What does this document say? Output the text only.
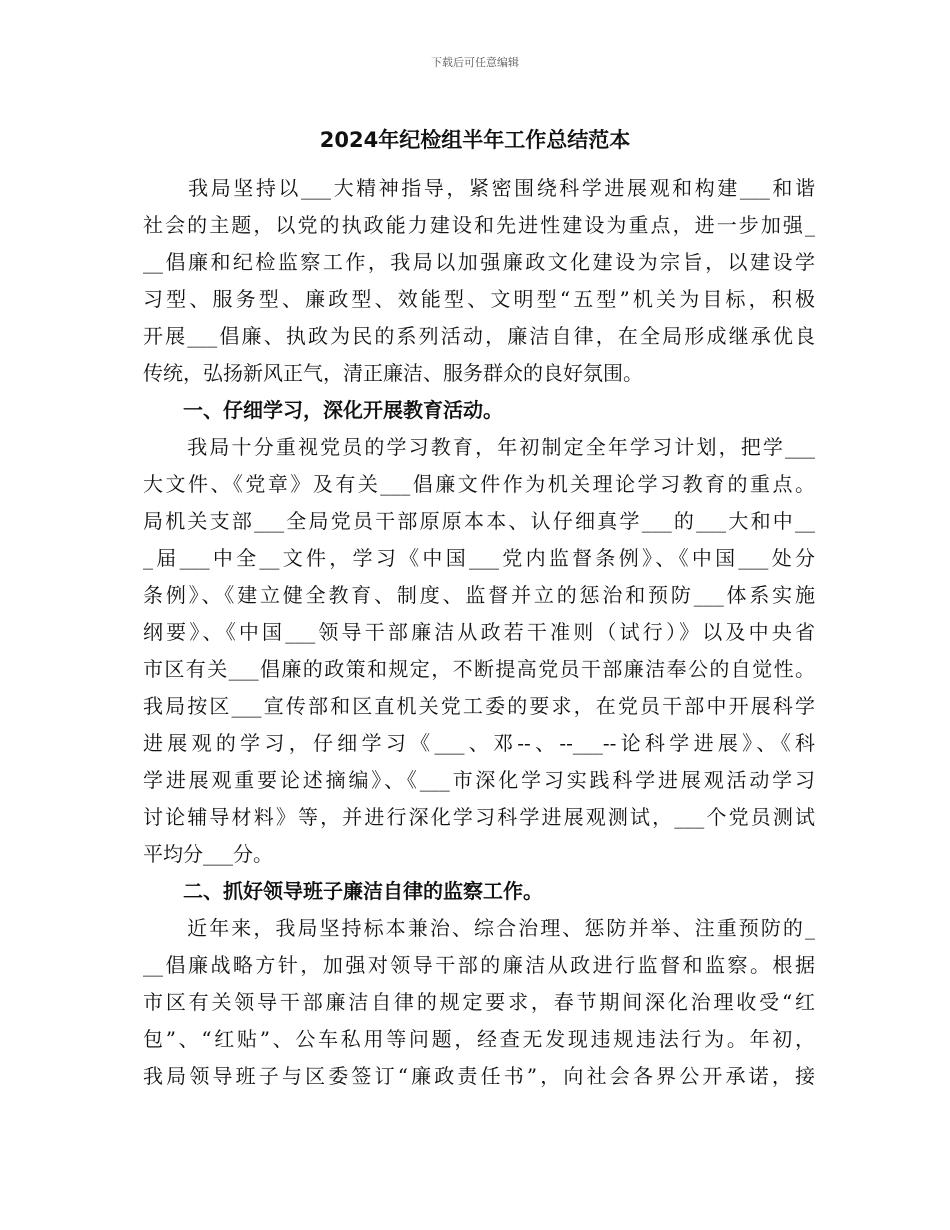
下载后可任意编辑
2024年纪检组半年工作总结范本
　　我局坚持以___大精神指导，紧密围绕科学进展观和构建___和谐
社会的主题，以党的执政能力建设和先进性建设为重点，进一步加强_
__倡廉和纪检监察工作，我局以加强廉政文化建设为宗旨，以建设学
习型、服务型、廉政型、效能型、文明型“五型”机关为目标，积极
开展___倡廉、执政为民的系列活动，廉洁自律，在全局形成继承优良
传统，弘扬新风正气，清正廉洁、服务群众的良好氛围。
　　一、仔细学习，深化开展教育活动。
　　我局十分重视党员的学习教育，年初制定全年学习计划，把学___
大文件、《党章》及有关___倡廉文件作为机关理论学习教育的重点。
局机关支部___全局党员干部原原本本、认仔细真学___的___大和中__
_届___中全__文件，学习《中国___党内监督条例》、《中国___处分
条例》、《建立健全教育、制度、监督并立的惩治和预防___体系实施
纲要》、《中国___领导干部廉洁从政若干准则（试行）》以及中央省
市区有关___倡廉的政策和规定，不断提高党员干部廉洁奉公的自觉性。
我局按区___宣传部和区直机关党工委的要求，在党员干部中开展科学
进展观的学习，仔细学习《___、邓--、--___--论科学进展》、《科
学进展观重要论述摘编》、《___市深化学习实践科学进展观活动学习
讨论辅导材料》等，并进行深化学习科学进展观测试，___个党员测试
平均分___分。
　　二、抓好领导班子廉洁自律的监察工作。
　　近年来，我局坚持标本兼治、综合治理、惩防并举、注重预防的_
__倡廉战略方针，加强对领导干部的廉洁从政进行监督和监察。根据
市区有关领导干部廉洁自律的规定要求，春节期间深化治理收受“红
包”、“红贴”、公车私用等问题，经查无发现违规违法行为。年初，
我局领导班子与区委签订“廉政责任书”，向社会各界公开承诺，接
